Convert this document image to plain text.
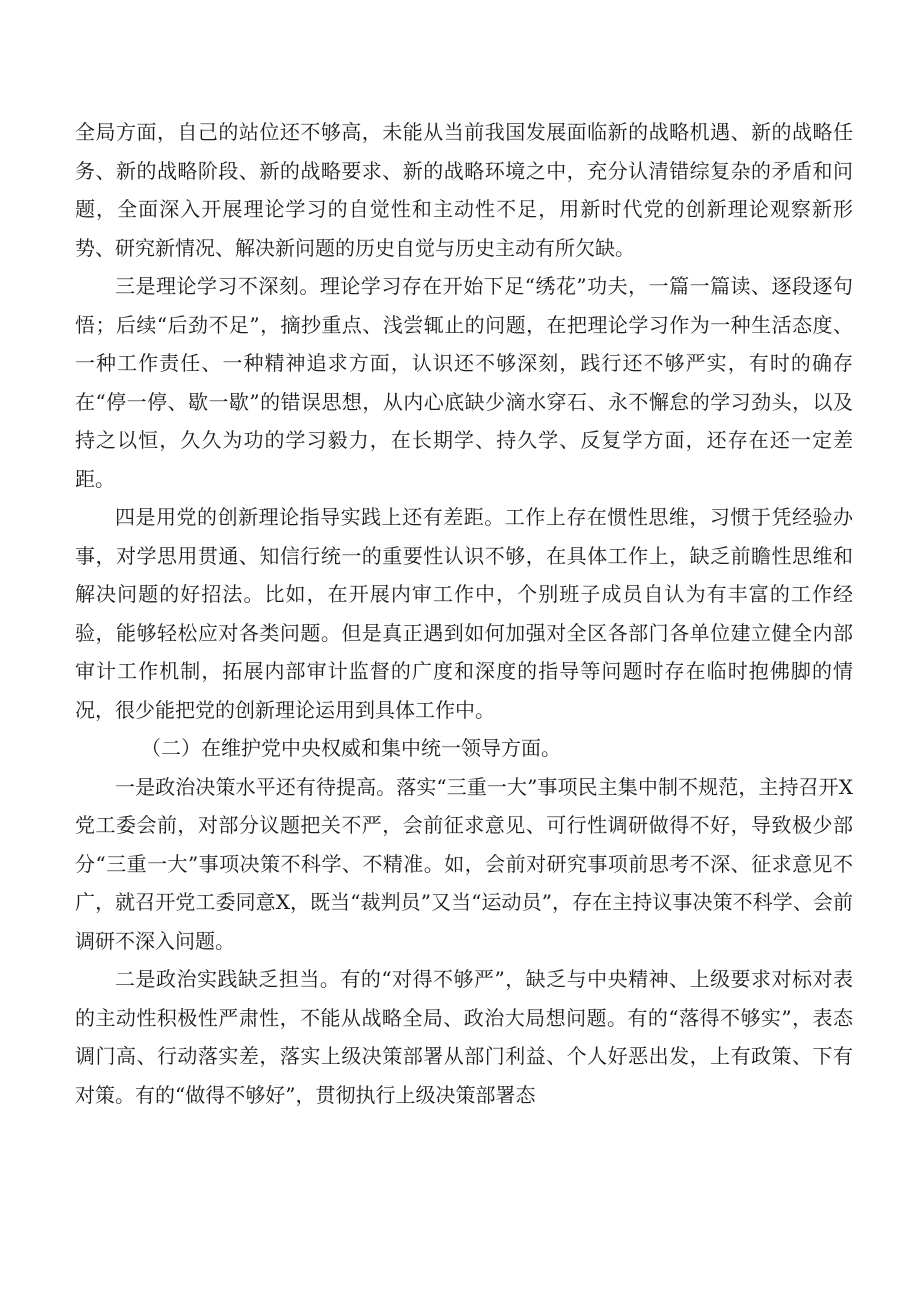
全局方面，自己的站位还不够高，未能从当前我国发展面临新的战略机遇、新的战略任务、新的战略阶段、新的战略要求、新的战略环境之中，充分认清错综复杂的矛盾和问题，全面深入开展理论学习的自觉性和主动性不足，用新时代党的创新理论观察新形势、研究新情况、解决新问题的历史自觉与历史主动有所欠缺。

三是理论学习不深刻。理论学习存在开始下足“绣花”功夫，一篇一篇读、逐段逐句悟；后续“后劲不足”，摘抄重点、浅尝辄止的问题，在把理论学习作为一种生活态度、一种工作责任、一种精神追求方面，认识还不够深刻，践行还不够严实，有时的确存在“停一停、歇一歇”的错误思想，从内心底缺少滴水穿石、永不懈怠的学习劲头，以及持之以恒，久久为功的学习毅力，在长期学、持久学、反复学方面，还存在还一定差距。

四是用党的创新理论指导实践上还有差距。工作上存在惯性思维，习惯于凭经验办事，对学思用贯通、知信行统一的重要性认识不够，在具体工作上，缺乏前瞻性思维和解决问题的好招法。比如，在开展内审工作中，个别班子成员自认为有丰富的工作经验，能够轻松应对各类问题。但是真正遇到如何加强对全区各部门各单位建立健全内部审计工作机制，拓展内部审计监督的广度和深度的指导等问题时存在临时抱佛脚的情况，很少能把党的创新理论运用到具体工作中。

（二）在维护党中央权威和集中统一领导方面。

一是政治决策水平还有待提高。落实“三重一大”事项民主集中制不规范，主持召开X党工委会前，对部分议题把关不严，会前征求意见、可行性调研做得不好，导致极少部分“三重一大”事项决策不科学、不精准。如，会前对研究事项前思考不深、征求意见不广，就召开党工委同意X，既当“裁判员”又当“运动员”，存在主持议事决策不科学、会前调研不深入问题。

二是政治实践缺乏担当。有的“对得不够严”，缺乏与中央精神、上级要求对标对表的主动性积极性严肃性，不能从战略全局、政治大局想问题。有的“落得不够实”，表态调门高、行动落实差，落实上级决策部署从部门利益、个人好恶出发，上有政策、下有对策。有的“做得不够好”，贯彻执行上级决策部署态
